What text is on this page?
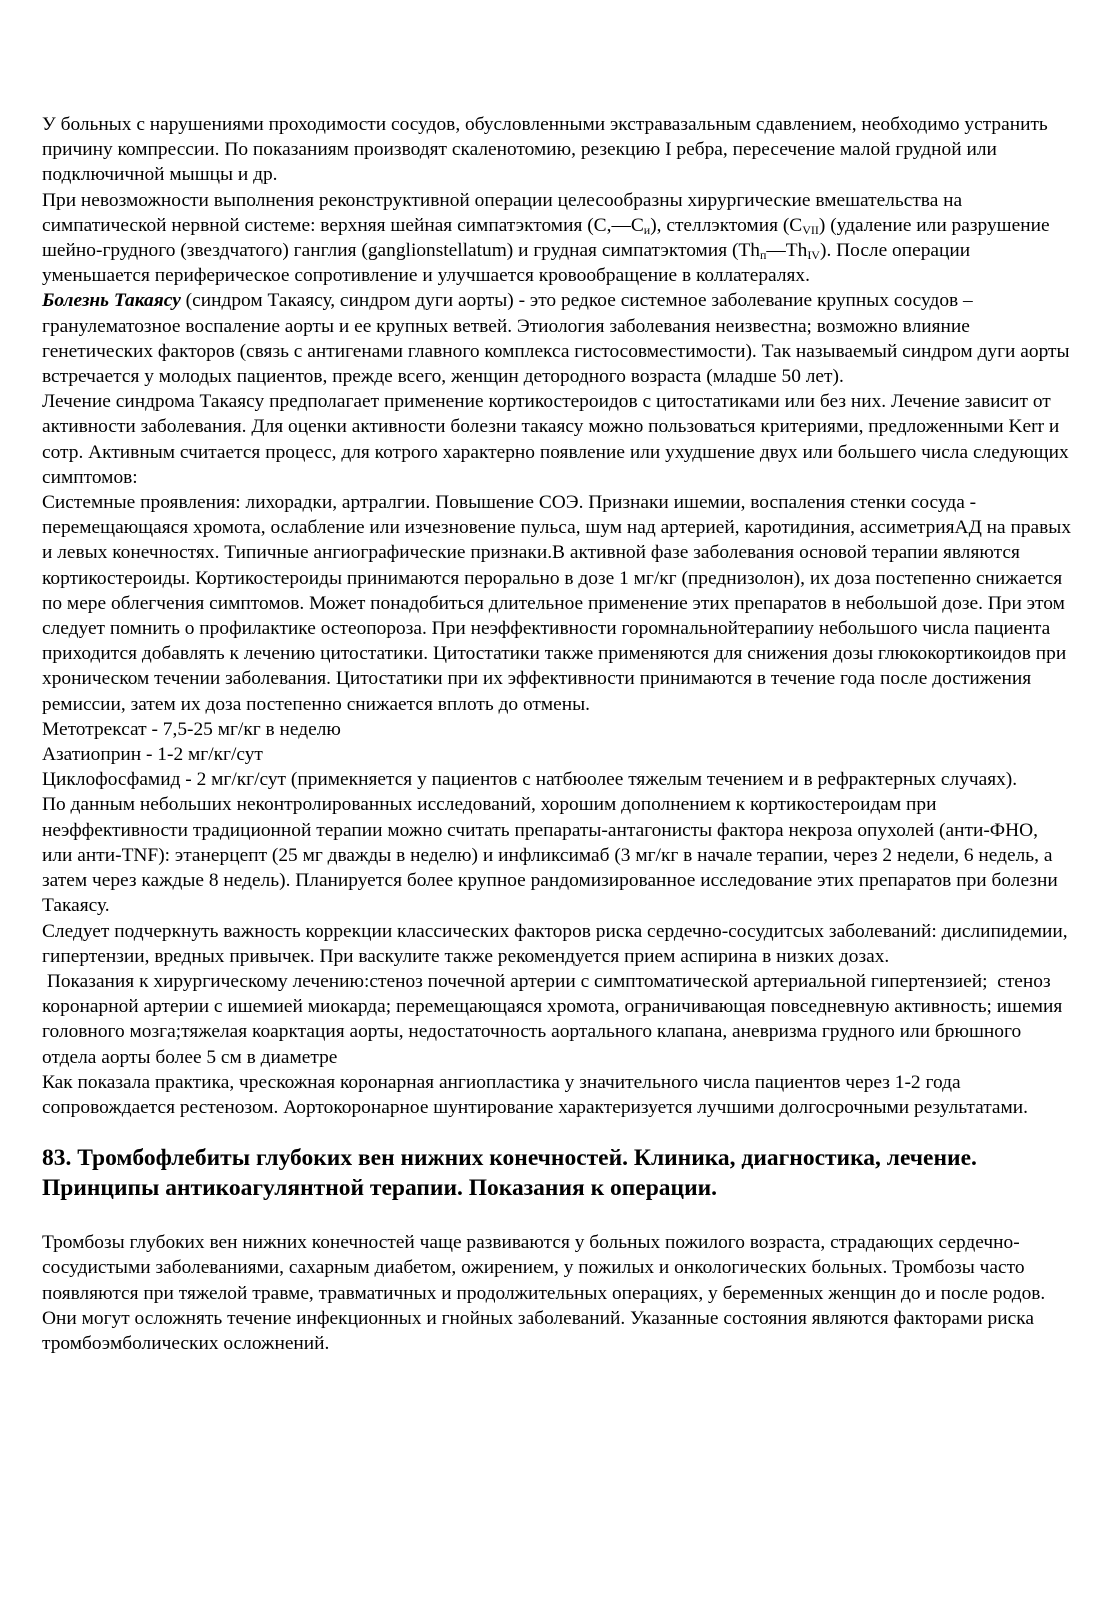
У больных с нарушениями проходимости сосудов, обусловленными экстравазальным сдавлением, необходимо устранить причину компрессии. По показаниям производят скаленотомию, резекцию I ребра, пересечение малой грудной или подключичной мышцы и др.

При невозможности выполнения реконструктивной операции целесообразны хирургические вмешательства на симпатической нервной системе: верхняя шейная симпатэктомия $(С,—С_и)$, стеллэктомия $(С_{VII})$ (удаление или разрушение шейно-грудного (звездчатого) ганглия (ganglionstellatum) и грудная симпатэктомия $(Th_п—Th_{IV})$. После операции уменьшается периферическое сопротивление и улучшается кровообращение в коллатералях.

Болезнь Такаясу (синдром Такаясу, синдром дуги аорты) - это редкое системное заболевание крупных сосудов – гранулематозное воспаление аорты и ее крупных ветвей. Этиология заболевания неизвестна; возможно влияние генетических факторов (связь с антигенами главного комплекса гистосовместимости). Так называемый синдром дуги аорты встречается у молодых пациентов, прежде всего, женщин детородного возраста (младше 50 лет).

Лечение синдрома Такаясу предполагает применение кортикостероидов с цитостатиками или без них. Лечение зависит от активности заболевания. Для оценки активности болезни такаясу можно пользоваться критериями, предложенными Kerr и сотр. Активным считается процесс, для котрого характерно появление или ухудшение двух или большего числа следующих симптомов:

Системные проявления: лихорадки, артралгии. Повышение СОЭ. Признаки ишемии, воспаления стенки сосуда - перемещающаяся хромота, ослабление или изчезновение пульса, шум над артерией, каротидиния, ассиметрияАД на правых и левых конечностях. Типичные ангиографические признаки.В активной фазе заболевания основой терапии являются кортикостероиды. Кортикостероиды принимаются перорально в дозе 1 мг/кг (преднизолон), их доза постепенно снижается по мере облегчения симптомов. Может понадобиться длительное применение этих препаратов в небольшой дозе. При этом следует помнить о профилактике остеопороза. При неэффективности горомнальнойтерапииу небольшого числа пациента приходится добавлять к лечению цитостатики. Цитостатики также применяются для снижения дозы глюкокортикоидов при хроническом течении заболевания. Цитостатики при их эффективности принимаются в течение года после достижения ремиссии, затем их доза постепенно снижается вплоть до отмены.

Метотрексат - 7,5-25 мг/кг в неделю

Азатиоприн - 1-2 мг/кг/сут

Циклофосфамид - 2 мг/кг/сут (примекняется у пациентов с натбюолее тяжелым течением и в рефрактерных случаях).

По данным небольших неконтролированных исследований, хорошим дополнением к кортикостероидам при неэффективности традиционной терапии можно считать препараты-антагонисты фактора некроза опухолей (анти-ФНО, или анти-TNF): этанерцепт (25 мг дважды в неделю) и инфликсимаб (3 мг/кг в начале терапии, через 2 недели, 6 недель, а затем через каждые 8 недель). Планируется более крупное рандомизированное исследование этих препаратов при болезни Такаясу.

Следует подчеркнуть важность коррекции классических факторов риска сердечно-сосудитсых заболеваний: дислипидемии, гипертензии, вредных привычек. При васкулите также рекомендуется прием аспирина в низких дозах.

Показания к хирургическому лечению:стеноз почечной артерии с симптоматической артериальной гипертензией;  стеноз коронарной артерии с ишемией миокарда; перемещающаяся хромота, ограничивающая повседневную активность; ишемия головного мозга;тяжелая коарктация аорты, недостаточность аортального клапана, аневризма грудного или брюшного отдела аорты более 5 см в диаметре

Как показала практика, чрескожная коронарная ангиопластика у значительного числа пациентов через 1-2 года сопровождается рестенозом. Аортокоронарное шунтирование характеризуется лучшими долгосрочными результатами.

83. Тромбофлебиты глубоких вен нижних конечностей. Клиника, диагностика, лечение. Принципы антикоагулянтной терапии. Показания к операции.

Тромбозы глубоких вен нижних конечностей чаще развиваются у больных пожилого возраста, страдающих сердечно-сосудистыми заболеваниями, сахарным диабетом, ожирением, у пожилых и онкологических больных. Тромбозы часто появляются при тяжелой травме, травматичных и продолжительных операциях, у беременных женщин до и после родов. Они могут осложнять течение инфекционных и гнойных заболеваний. Указанные состояния являются факторами риска тромбоэмболических осложнений.
